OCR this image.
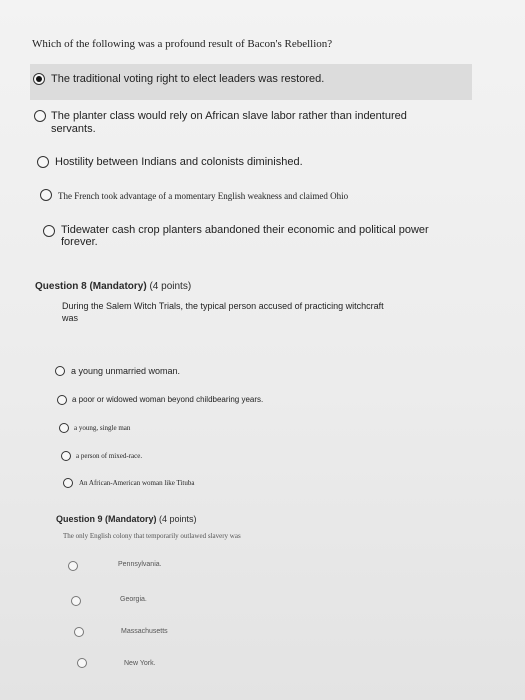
Which of the following was a profound result of Bacon's Rebellion?
The traditional voting right to elect leaders was restored.
The planter class would rely on African slave labor rather than indentured
servants.
Hostility between Indians and colonists diminished.
The French took advantage of a momentary English weakness and claimed Ohio
Tidewater cash crop planters abandoned their economic and political power
forever.
Question 8 (Mandatory) (4 points)
During the Salem Witch Trials, the typical person accused of practicing witchcraft
was
a young unmarried woman.
a poor or widowed woman beyond childbearing years.
a young, single man
a person of mixed-race.
An African-American woman like Tituba
Question 9 (Mandatory) (4 points)
The only English colony that temporarily outlawed slavery was
Pennsylvania.
Georgia.
Massachusetts
New York.
